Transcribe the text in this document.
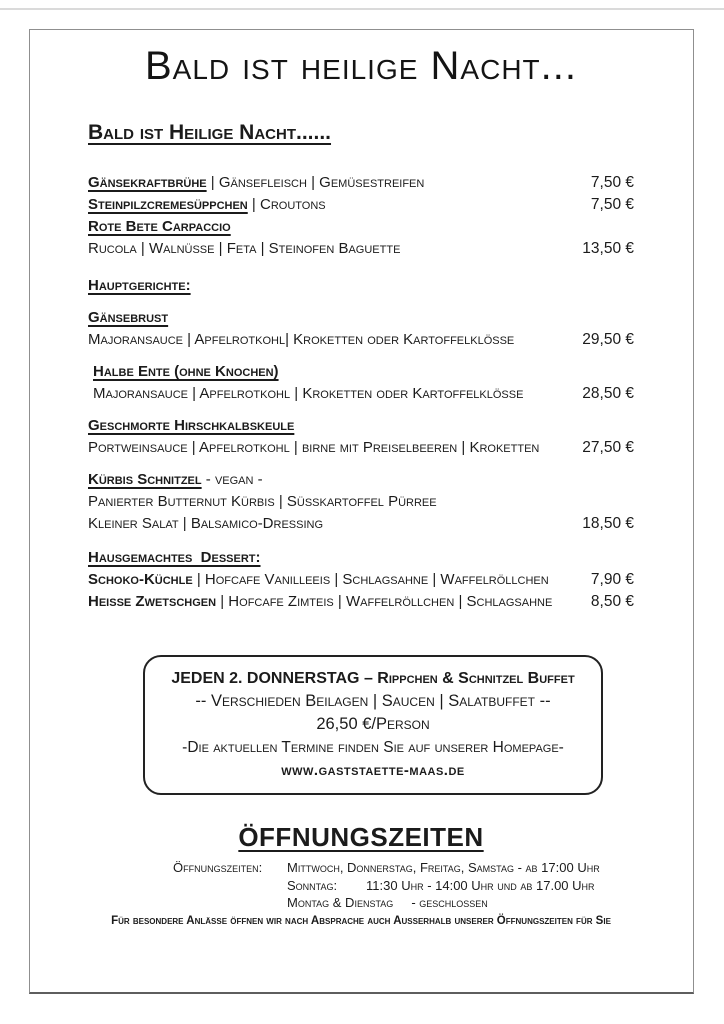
Bald ist heilige Nacht...
Bald ist Heilige Nacht......
Gänsekraftbrühe | Gänsefleisch | Gemüsestreifen	7,50 €
Steinpilzcremesüppchen | Croutons	7,50 €
Rote Bete Carpaccio
Rucola | Walnüsse | Feta | Steinofen Baguette	13,50 €
Hauptgerichte:
Gänsebrust
Majoransauce | Apfelrotkohl| Kroketten oder Kartoffelklöße	29,50 €
Halbe Ente (ohne Knochen)
Majoransauce | Apfelrotkohl | Kroketten oder Kartoffelklöße	28,50 €
Geschmorte Hirschkalbskeule
Portweinsauce | Apfelrotkohl | birne mit Preiselbeeren | Kroketten	27,50 €
Kürbis Schnitzel - vegan -
Panierter Butternut Kürbis | Süßkartoffel Pürree
Kleiner Salat | Balsamico-Dressing	18,50 €
Hausgemachtes  Dessert:
Schoko-Küchle | Hofcafe Vanilleeis | Schlagsahne | Waffelröllchen	7,90 €
Heiße Zwetschgen | Hofcafe Zimteis | Waffelröllchen | Schlagsahne 8,50 €
JEDEN 2. DONNERSTAG – Rippchen & Schnitzel Buffet
-- Verschieden Beilagen | Saucen | Salatbuffet --
26,50 €/Person
-Die aktuellen Termine finden Sie auf unserer Homepage-
www.gaststaette-maas.de
ÖFFNUNGSZEITEN
Öffnungszeiten:	Mittwoch, Donnerstag, Freitag, Samstag - ab 17:00 Uhr
Sonntag:        11:30 Uhr - 14:00 Uhr und ab 17.00 Uhr
Montag & Dienstag     - geschlossen
Für besondere Anlässe öffnen wir nach Absprache auch Außerhalb unserer Öffnungszeiten für Sie
